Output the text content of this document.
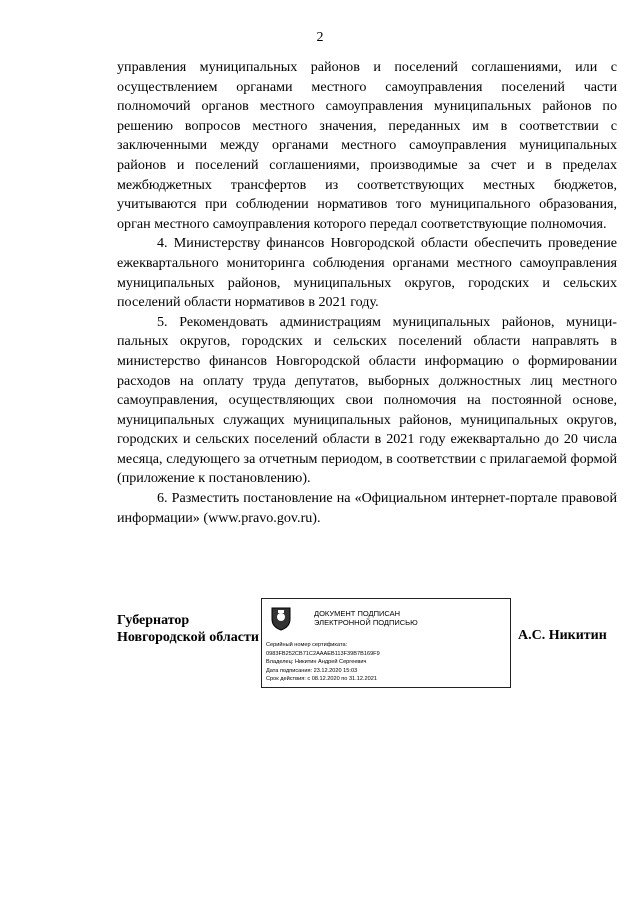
2

управления муниципальных районов и поселений соглашениями, или с осуществлением органами местного самоуправления поселений части полномочий органов местного самоуправления муниципальных районов по решению вопросов местного значения, переданных им в соответствии с заключенными между органами местного самоуправления муниципальных районов и поселений соглашениями, производимые за счет и в пределах межбюджетных трансфертов из соответствующих местных бюджетов, учитываются при соблюдении нормативов того муниципального образования, орган местного самоуправления которого передал соответствующие полномочия.

4. Министерству финансов Новгородской области обеспечить проведение ежеквартального мониторинга соблюдения органами местного самоуправления муниципальных районов, муниципальных округов, городских и сельских поселений области нормативов в 2021 году.

5. Рекомендовать администрациям муниципальных районов, муници-пальных округов, городских и сельских поселений области направлять в министерство финансов Новгородской области информацию о формировании расходов на оплату труда депутатов, выборных должностных лиц местного самоуправления, осуществляющих свои полномочия на постоянной основе, муниципальных служащих муниципальных районов, муниципальных округов, городских и сельских поселений области в 2021 году ежеквартально до 20 числа месяца, следующего за отчетным периодом, в соответствии с прилагаемой формой (приложение к постановлению).

6. Разместить постановление на «Официальном интернет-портале правовой информации» (www.pravo.gov.ru).

Губернатор
Новгородской области
ДОКУМЕНТ ПОДПИСАН
ЭЛЕКТРОННОЙ ПОДПИСЬЮ
Серийный номер сертификата:
0983FB252CB71C2AAAEB113F39B7B169F9
Владелец: Никитин Андрей Сергеевич
Дата подписания: 23.12.2020 15:03
Срок действия: с 08.12.2020 по 31.12.2021
А.С. Никитин
